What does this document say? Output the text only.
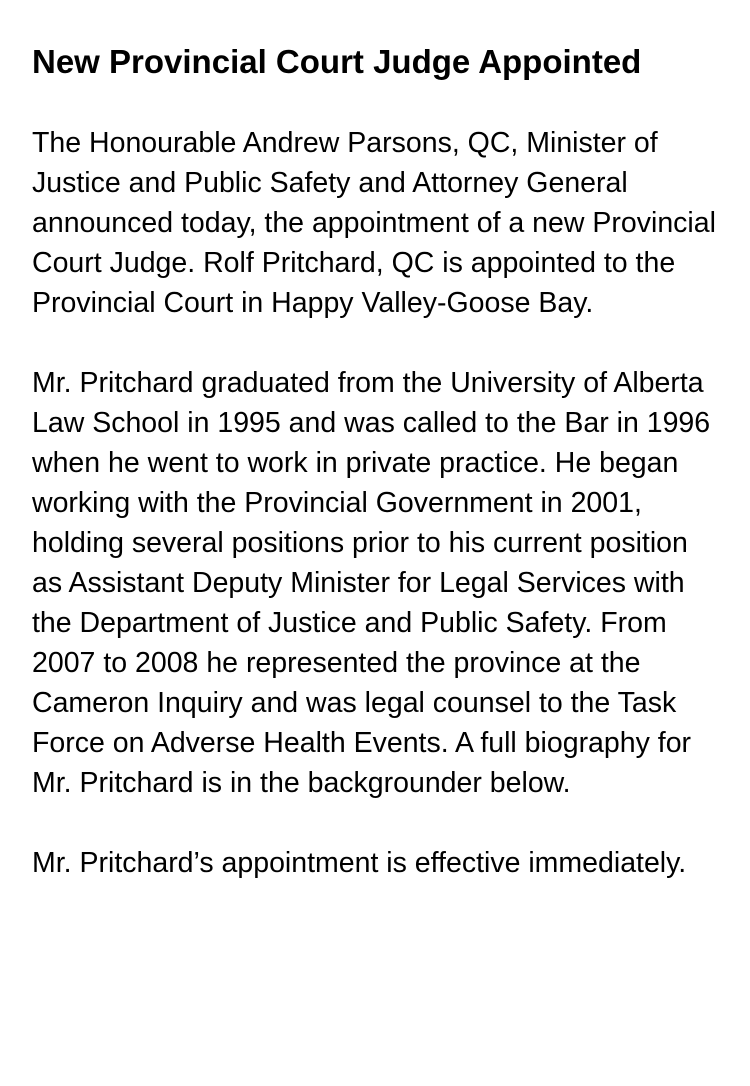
New Provincial Court Judge Appointed

The Honourable Andrew Parsons, QC, Minister of Justice and Public Safety and Attorney General announced today, the appointment of a new Provincial Court Judge. Rolf Pritchard, QC is appointed to the Provincial Court in Happy Valley-Goose Bay.

Mr. Pritchard graduated from the University of Alberta Law School in 1995 and was called to the Bar in 1996 when he went to work in private practice. He began working with the Provincial Government in 2001, holding several positions prior to his current position as Assistant Deputy Minister for Legal Services with the Department of Justice and Public Safety. From 2007 to 2008 he represented the province at the Cameron Inquiry and was legal counsel to the Task Force on Adverse Health Events. A full biography for Mr. Pritchard is in the backgrounder below.

Mr. Pritchard’s appointment is effective immediately.
